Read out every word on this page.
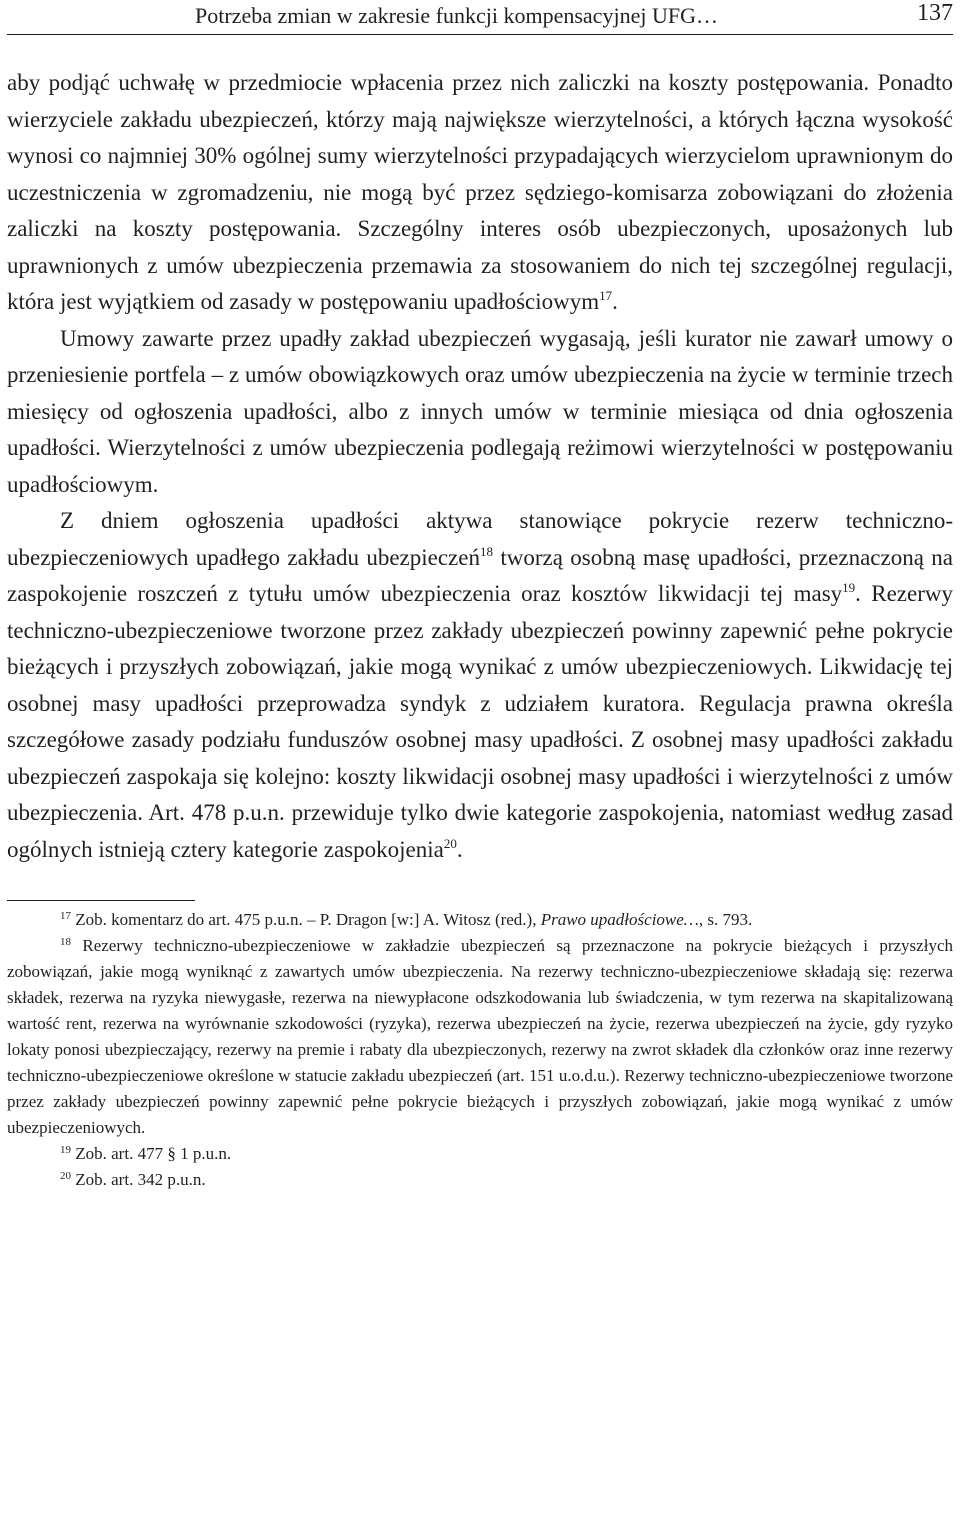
Potrzeba zmian w zakresie funkcji kompensacyjnej UFG…	137

aby podjąć uchwałę w przedmiocie wpłacenia przez nich zaliczki na koszty postępowania. Ponadto wierzyciele zakładu ubezpieczeń, którzy mają największe wierzytelności, a których łączna wysokość wynosi co najmniej 30% ogólnej sumy wierzytelności przypadających wierzycielom uprawnionym do uczestniczenia w zgromadzeniu, nie mogą być przez sędziego-komisarza zobowiązani do złożenia zaliczki na koszty postępowania. Szczególny interes osób ubezpieczonych, uposażonych lub uprawnionych z umów ubezpieczenia przemawia za stosowaniem do nich tej szczególnej regulacji, która jest wyjątkiem od zasady w postępowaniu upadłościowym$^{17}$.

Umowy zawarte przez upadły zakład ubezpieczeń wygasają, jeśli kurator nie zawarł umowy o przeniesienie portfela – z umów obowiązkowych oraz umów ubezpieczenia na życie w terminie trzech miesięcy od ogłoszenia upadłości, albo z innych umów w terminie miesiąca od dnia ogłoszenia upadłości. Wierzytelności z umów ubezpieczenia podlegają reżimowi wierzytelności w postępowaniu upadłościowym.

Z dniem ogłoszenia upadłości aktywa stanowiące pokrycie rezerw techniczno-ubezpieczeniowych upadłego zakładu ubezpieczeń$^{18}$ tworzą osobną masę upadłości, przeznaczoną na zaspokojenie roszczeń z tytułu umów ubezpieczenia oraz kosztów likwidacji tej masy$^{19}$. Rezerwy techniczno-ubezpieczeniowe tworzone przez zakłady ubezpieczeń powinny zapewnić pełne pokrycie bieżących i przyszłych zobowiązań, jakie mogą wynikać z umów ubezpieczeniowych. Likwidację tej osobnej masy upadłości przeprowadza syndyk z udziałem kuratora. Regulacja prawna określa szczegółowe zasady podziału funduszów osobnej masy upadłości. Z osobnej masy upadłości zakładu ubezpieczeń zaspokaja się kolejno: koszty likwidacji osobnej masy upadłości i wierzytelności z umów ubezpieczenia. Art. 478 p.u.n. przewiduje tylko dwie kategorie zaspokojenia, natomiast według zasad ogólnych istnieją cztery kategorie zaspokojenia$^{20}$.

$^{17}$ Zob. komentarz do art. 475 p.u.n. – P. Dragon [w:] A. Witosz (red.), Prawo upadłościowe…, s. 793.

$^{18}$ Rezerwy techniczno-ubezpieczeniowe w zakładzie ubezpieczeń są przeznaczone na pokrycie bieżących i przyszłych zobowiązań, jakie mogą wyniknąć z zawartych umów ubezpieczenia. Na rezerwy techniczno-ubezpieczeniowe składają się: rezerwa składek, rezerwa na ryzyka niewygasłe, rezerwa na niewypłacone odszkodowania lub świadczenia, w tym rezerwa na skapitalizowaną wartość rent, rezerwa na wyrównanie szkodowości (ryzyka), rezerwa ubezpieczeń na życie, rezerwa ubezpieczeń na życie, gdy ryzyko lokaty ponosi ubezpieczający, rezerwy na premie i rabaty dla ubezpieczonych, rezerwy na zwrot składek dla członków oraz inne rezerwy techniczno-ubezpieczeniowe określone w statucie zakładu ubezpieczeń (art. 151 u.o.d.u.). Rezerwy techniczno-ubezpieczeniowe tworzone przez zakłady ubezpieczeń powinny zapewnić pełne pokrycie bieżących i przyszłych zobowiązań, jakie mogą wynikać z umów ubezpieczeniowych.

$^{19}$ Zob. art. 477 § 1 p.u.n.

$^{20}$ Zob. art. 342 p.u.n.
